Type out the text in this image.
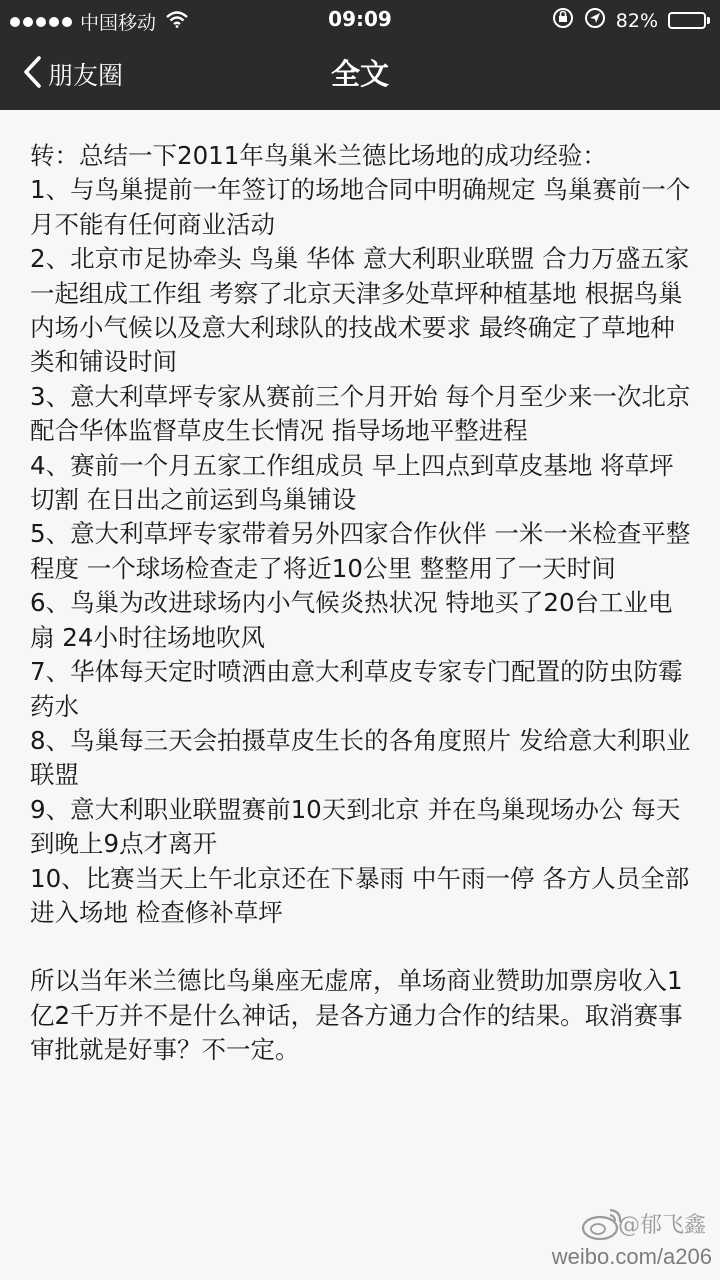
中国移动	09:09	82%
朋友圈	全文

转：总结一下2011年鸟巢米兰德比场地的成功经验：

1、与鸟巢提前一年签订的场地合同中明确规定 鸟巢赛前一个月不能有任何商业活动

2、北京市足协牵头 鸟巢 华体 意大利职业联盟 合力万盛五家一起组成工作组 考察了北京天津多处草坪种植基地 根据鸟巢内场小气候以及意大利球队的技战术要求 最终确定了草地种类和铺设时间

3、意大利草坪专家从赛前三个月开始 每个月至少来一次北京配合华体监督草皮生长情况 指导场地平整进程

4、赛前一个月五家工作组成员 早上四点到草皮基地 将草坪切割 在日出之前运到鸟巢铺设

5、意大利草坪专家带着另外四家合作伙伴 一米一米检查平整程度 一个球场检查走了将近10公里 整整用了一天时间

6、鸟巢为改进球场内小气候炎热状况 特地买了20台工业电扇 24小时往场地吹风

7、华体每天定时喷洒由意大利草皮专家专门配置的防虫防霉药水

8、鸟巢每三天会拍摄草皮生长的各角度照片 发给意大利职业联盟

9、意大利职业联盟赛前10天到北京 并在鸟巢现场办公 每天到晚上9点才离开

10、比赛当天上午北京还在下暴雨 中午雨一停 各方人员全部进入场地 检查修补草坪

所以当年米兰德比鸟巢座无虚席，单场商业赞助加票房收入1亿2千万并不是什么神话，是各方通力合作的结果。取消赛事审批就是好事？不一定。

@郁飞鑫
weibo.com/a206
